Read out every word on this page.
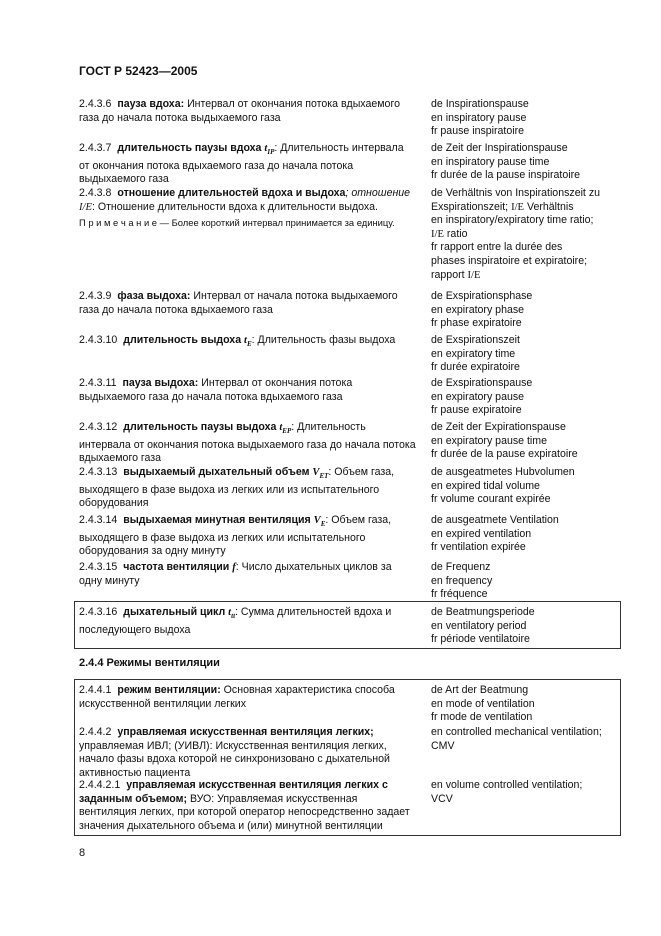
ГОСТ Р 52423—2005
2.4.3.6 пауза вдоха: Интервал от окончания потока вдыхаемого газа до начала потока выдыхаемого газа
de Inspirationspause
en inspiratory pause
fr pause inspiratoire
2.4.3.7 длительность паузы вдоха $t_{IP}$: Длительность интервала от окончания потока вдыхаемого газа до начала потока выдыхаемого газа
de Zeit der Inspirationspause
en inspiratory pause time
fr durée de la pause inspiratoire
2.4.3.8 отношение длительностей вдоха и выдоха; отношение I/E: Отношение длительности вдоха к длительности выдоха.
П р и м е ч а н и е — Более короткий интервал принимается за единицу.
de Verhältnis von Inspirationszeit zu
Exspirationszeit; I/E Verhältnis
en inspiratory/expiratory time ratio;
I/E ratio
fr rapport entre la durée des
phases inspiratoire et expiratoire;
rapport I/E
2.4.3.9 фаза выдоха: Интервал от начала потока выдыхаемого газа до начала потока вдыхаемого газа
de Exspirationsphase
en expiratory phase
fr phase expiratoire
2.4.3.10 длительность выдоха $t_E$: Длительность фазы выдоха	de Exspirationszeit
en expiratory time
fr durée expiratoire
2.4.3.11 пауза выдоха: Интервал от окончания потока выдыхаемого газа до начала потока вдыхаемого газа
de Exspirationspause
en expiratory pause
fr pause expiratoire
2.4.3.12 длительность паузы выдоха $t_{EP}$: Длительность интервала от окончания потока выдыхаемого газа до начала потока вдыхаемого газа
de Zeit der Expirationspause
en expiratory pause time
fr durée de la pause expiratoire
2.4.3.13 выдыхаемый дыхательный объем $V_{ET}$: Объем газа, выходящего в фазе выдоха из легких или из испытательного оборудования
de ausgeatmetes Hubvolumen
en expired tidal volume
fr volume courant expirée
2.4.3.14 выдыхаемая минутная вентиляция $V_E$: Объем газа, выходящего в фазе выдоха из легких или испытательного оборудования за одну минуту
de ausgeatmete Ventilation
en expired ventilation
fr ventilation expirée
2.4.3.15 частота вентиляции f: Число дыхательных циклов за одну минуту
de Frequenz
en frequency
fr fréquence
2.4.3.16 дыхательный цикл $t_{tt}$: Сумма длительностей вдоха и последующего выдоха
de Beatmungsperiode
en ventilatory period
fr période ventilatoire
2.4.4 Режимы вентиляции
2.4.4.1 режим вентиляции: Основная характеристика способа искусственной вентиляции легких
de Art der Beatmung
en mode of ventilation
fr mode de ventilation
2.4.4.2 управляемая искусственная вентиляция легких; управляемая ИВЛ; (УИВЛ): Искусственная вентиляция легких, начало фазы вдоха которой не синхронизовано с дыхательной активностью пациента
en controlled mechanical ventilation;
CMV
2.4.4.2.1 управляемая искусственная вентиляция легких с заданным объемом; ВУО: Управляемая искусственная вентиляция легких, при которой оператор непосредственно задает значения дыхательного объема и (или) минутной вентиляции
en volume controlled ventilation;
VCV
8
